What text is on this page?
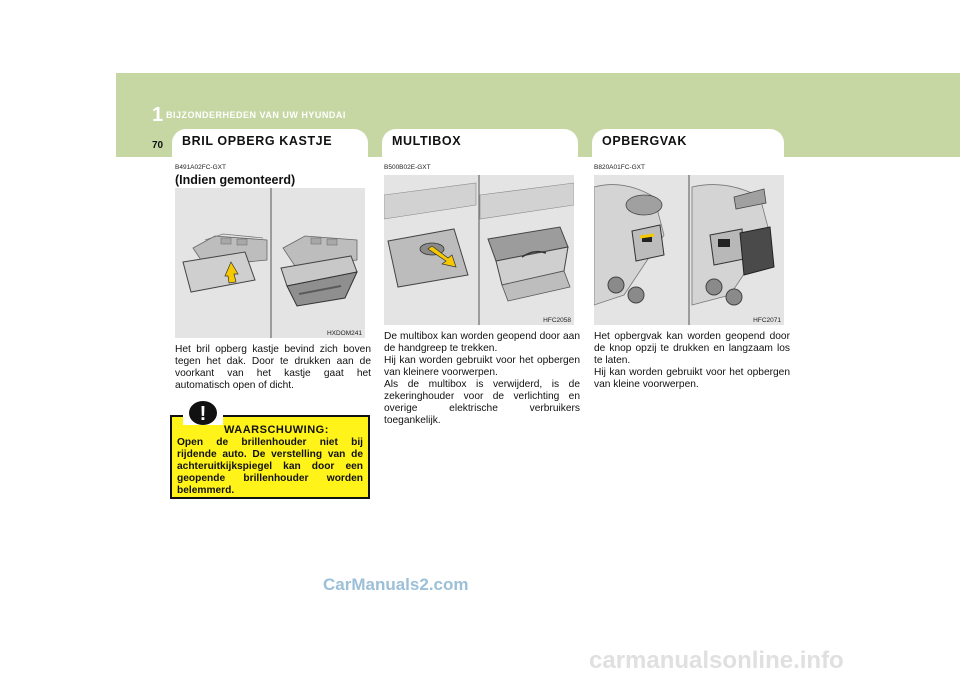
1 BIJZONDERHEDEN VAN UW HYUNDAI
70 BRIL OPBERG KASTJE	MULTIBOX	OPBERGVAK
B491A02FC-GXT
(Indien gemonteerd)
HXDOM241
Het bril opberg kastje bevind zich boven tegen het dak. Door te drukken aan de voorkant van het kastje gaat het automatisch open of dicht.
B500B02E-GXT
HFC2058
De multibox kan worden geopend door aan de handgreep te trekken.
Hij kan worden gebruikt voor het opbergen van kleinere voorwerpen.
Als de multibox is verwijderd, is de zekeringhouder voor de verlichting en overige elektrische verbruikers toegankelijk.
B820A01FC-GXT
HFC2071
Het opbergvak kan worden geopend door de knop opzij te drukken en langzaam los te laten.
Hij kan worden gebruikt voor het opbergen van kleine voorwerpen.
WAARSCHUWING:
Open de brillenhouder niet bij rijdende auto. De verstelling van de achteruitkijkspiegel kan door een geopende brillenhouder worden belemmerd.
!
CarManuals2.com
carmanualsonline.info
